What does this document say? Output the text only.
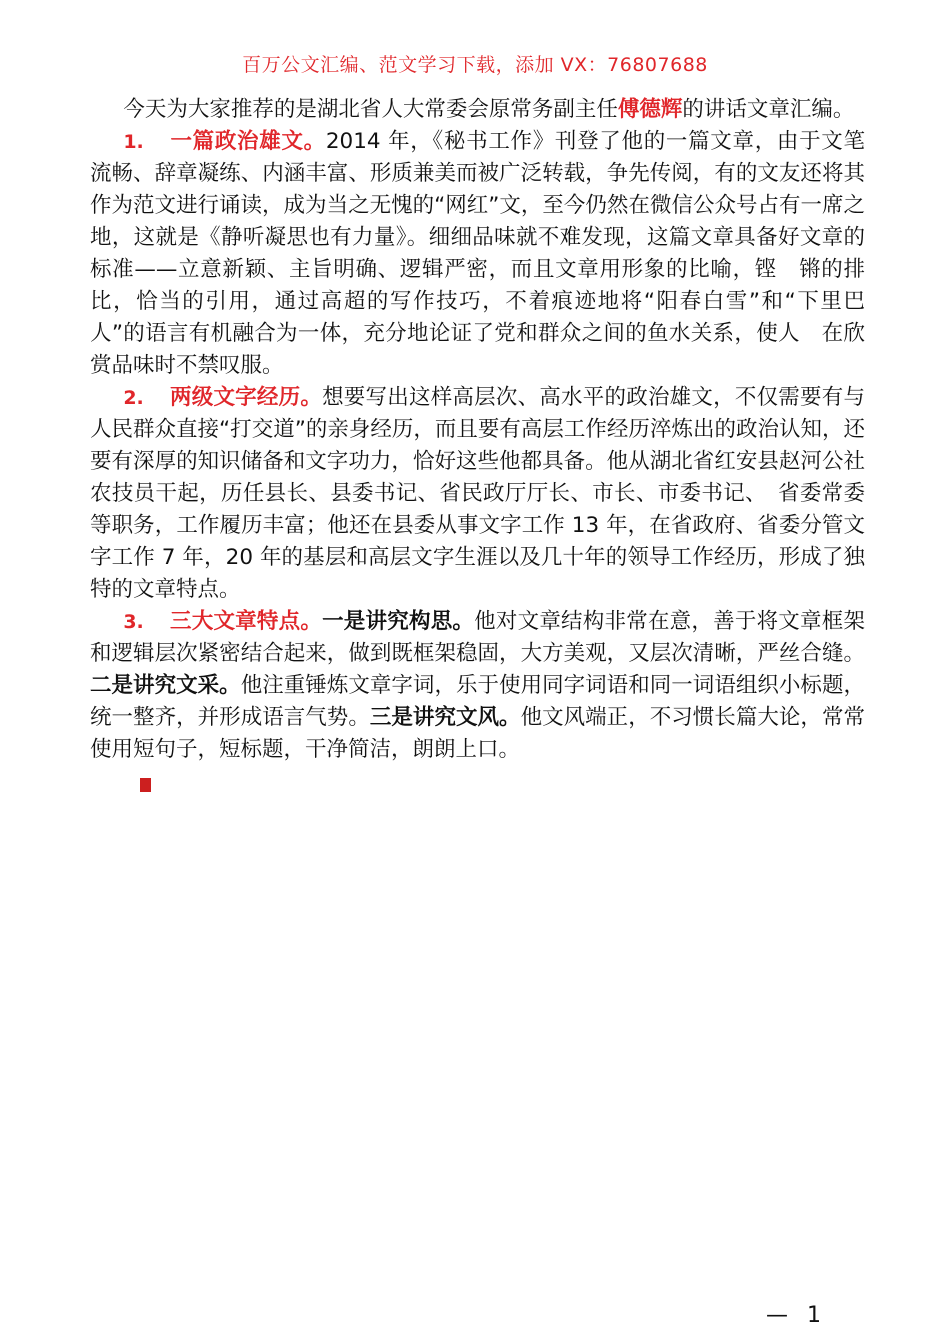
百万公文汇编、范文学习下载，添加 VX：76807688

今天为大家推荐的是湖北省人大常委会原常务副主任傅德辉的讲话文章汇编。

1. 一篇政治雄文。2014 年，《秘书工作》刊登了他的一篇文章，由于文笔流畅、辞章凝练、内涵丰富、形质兼美而被广泛转载，争先传阅，有的文友还将其作为范文进行诵读，成为当之无愧的“网红”文，至今仍然在微信公众号占有一席之地，这就是《静听凝思也有力量》。细细品味就不难发现，这篇文章具备好文章的标准——立意新颖、主旨明确、逻辑严密，而且文章用形象的比喻，铿　锵的排比，恰当的引用，通过高超的写作技巧，不着痕迹地将“阳春白雪”和“下里巴人”的语言有机融合为一体，充分地论证了党和群众之间的鱼水关系，使人　在欣赏品味时不禁叹服。

2. 两级文字经历。想要写出这样高层次、高水平的政治雄文，不仅需要有与人民群众直接“打交道”的亲身经历，而且要有高层工作经历淬炼出的政治认知，还要有深厚的知识储备和文字功力，恰好这些他都具备。他从湖北省红安县赵河公社农技员干起，历任县长、县委书记、省民政厅厅长、市长、市委书记、　省委常委等职务，工作履历丰富；他还在县委从事文字工作 13 年，在省政府、省委分管文字工作 7 年，20 年的基层和高层文字生涯以及几十年的领导工作经历，形成了独特的文章特点。

3. 三大文章特点。一是讲究构思。他对文章结构非常在意，善于将文章框架和逻辑层次紧密结合起来，做到既框架稳固，大方美观，又层次清晰，严丝合缝。二是讲究文采。他注重锤炼文章字词，乐于使用同字词语和同一词语组织小标题，统一整齐，并形成语言气势。三是讲究文风。他文风端正，不习惯长篇大论，常常使用短句子，短标题，干净简洁，朗朗上口。

— 1
